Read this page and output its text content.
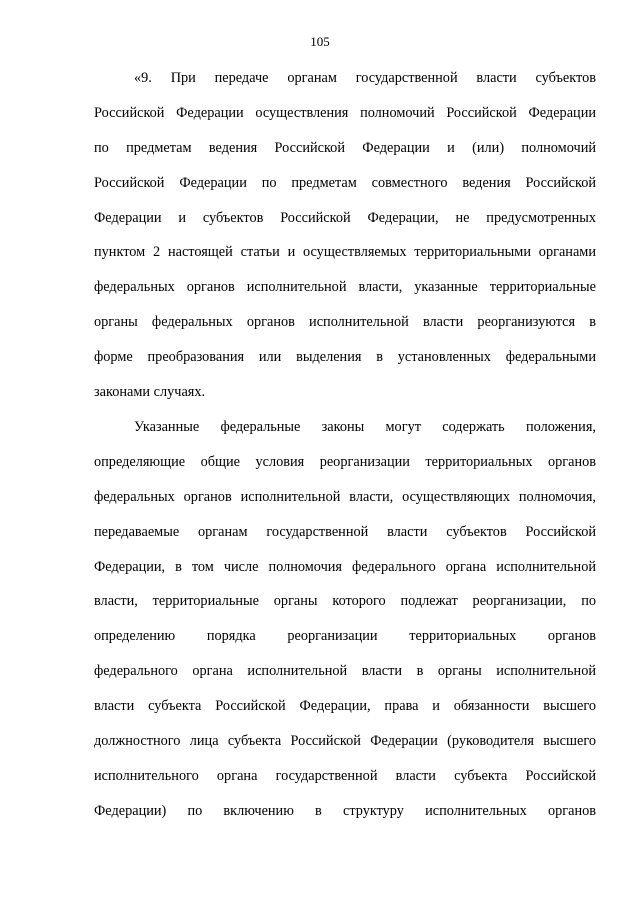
105
«9. При передаче органам государственной власти субъектов
Российской Федерации осуществления полномочий Российской Федерации
по предметам ведения Российской Федерации и (или) полномочий
Российской Федерации по предметам совместного ведения Российской
Федерации и субъектов Российской Федерации, не предусмотренных
пунктом 2 настоящей статьи и осуществляемых территориальными органами
федеральных органов исполнительной власти, указанные территориальные
органы федеральных органов исполнительной власти реорганизуются в
форме преобразования или выделения в установленных федеральными
законами случаях.
Указанные федеральные законы могут содержать положения,
определяющие общие условия реорганизации территориальных органов
федеральных органов исполнительной власти, осуществляющих полномочия,
передаваемые органам государственной власти субъектов Российской
Федерации, в том числе полномочия федерального органа исполнительной
власти, территориальные органы которого подлежат реорганизации, по
определению порядка реорганизации территориальных органов
федерального органа исполнительной власти в органы исполнительной
власти субъекта Российской Федерации, права и обязанности высшего
должностного лица субъекта Российской Федерации (руководителя высшего
исполнительного органа государственной власти субъекта Российской
Федерации) по включению в структуру исполнительных органов
